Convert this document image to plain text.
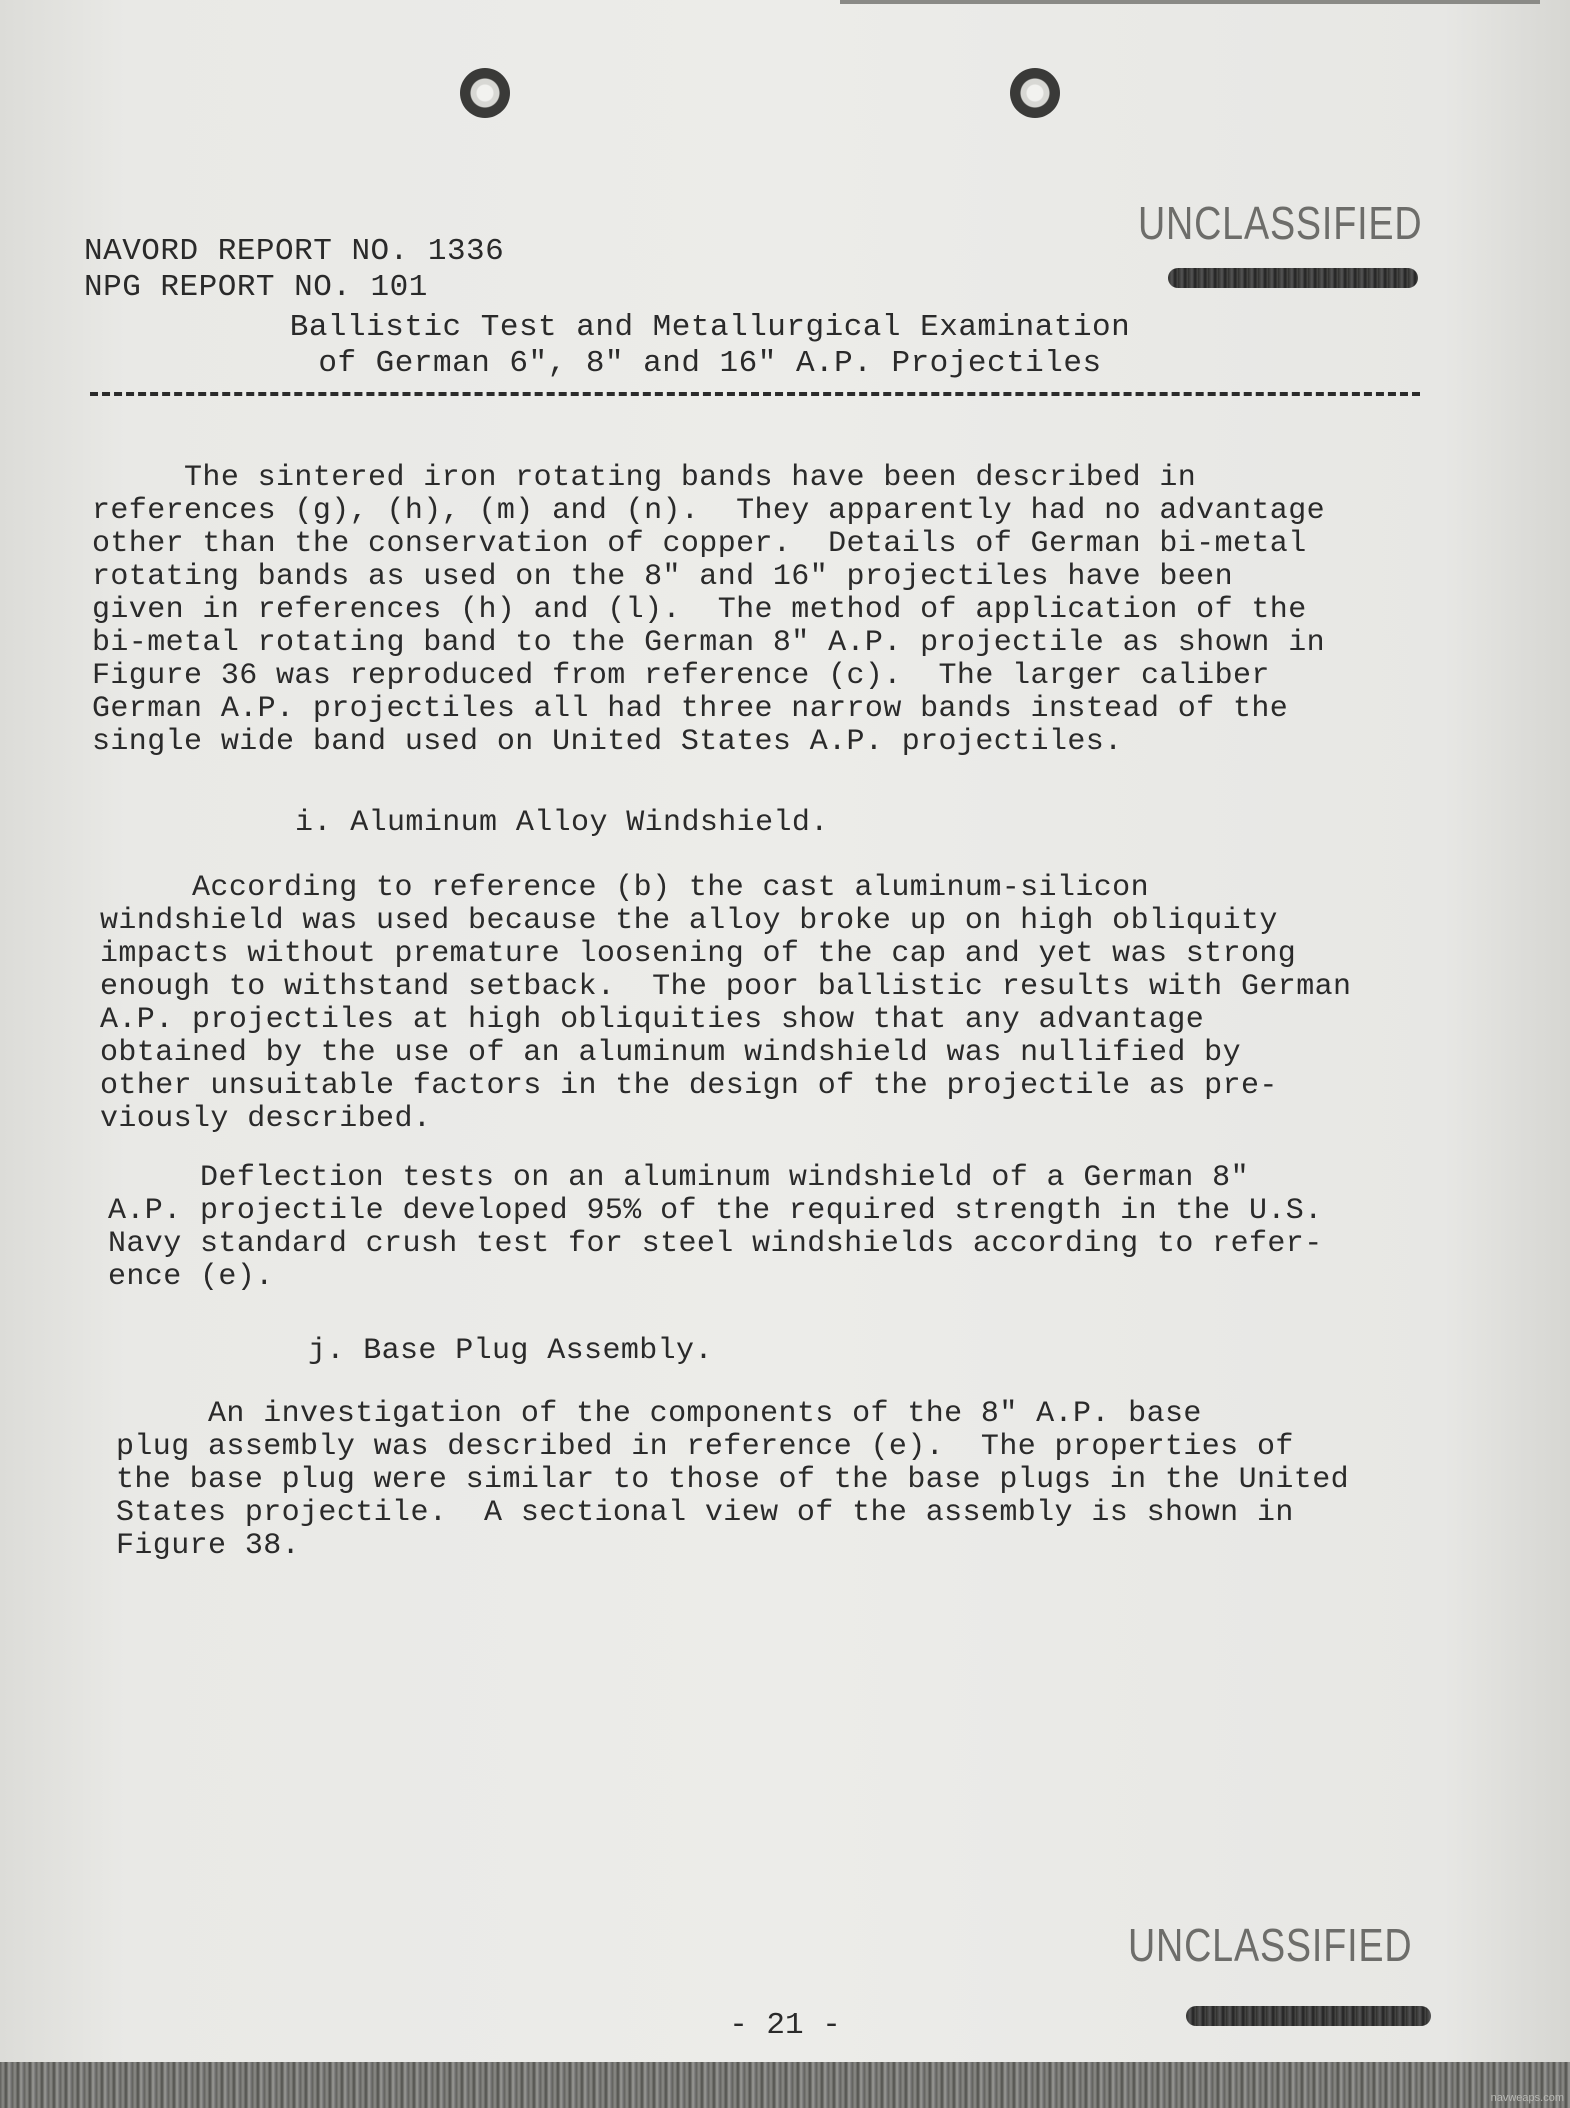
UNCLASSIFIED
NAVORD REPORT NO. 1336
NPG REPORT NO. 101
Ballistic Test and Metallurgical Examination
of German 6", 8" and 16" A.P. Projectiles
The sintered iron rotating bands have been described in
references (g), (h), (m) and (n).  They apparently had no advantage
other than the conservation of copper.  Details of German bi-metal
rotating bands as used on the 8" and 16" projectiles have been
given in references (h) and (l).  The method of application of the
bi-metal rotating band to the German 8" A.P. projectile as shown in
Figure 36 was reproduced from reference (c).  The larger caliber
German A.P. projectiles all had three narrow bands instead of the
single wide band used on United States A.P. projectiles.
i. Aluminum Alloy Windshield.
According to reference (b) the cast aluminum-silicon
windshield was used because the alloy broke up on high obliquity
impacts without premature loosening of the cap and yet was strong
enough to withstand setback.  The poor ballistic results with German
A.P. projectiles at high obliquities show that any advantage
obtained by the use of an aluminum windshield was nullified by
other unsuitable factors in the design of the projectile as pre-
viously described.
Deflection tests on an aluminum windshield of a German 8"
A.P. projectile developed 95% of the required strength in the U.S.
Navy standard crush test for steel windshields according to refer-
ence (e).
j. Base Plug Assembly.
An investigation of the components of the 8" A.P. base
plug assembly was described in reference (e).  The properties of
the base plug were similar to those of the base plugs in the United
States projectile.  A sectional view of the assembly is shown in
Figure 38.
UNCLASSIFIED
- 21 -
navweaps.com
